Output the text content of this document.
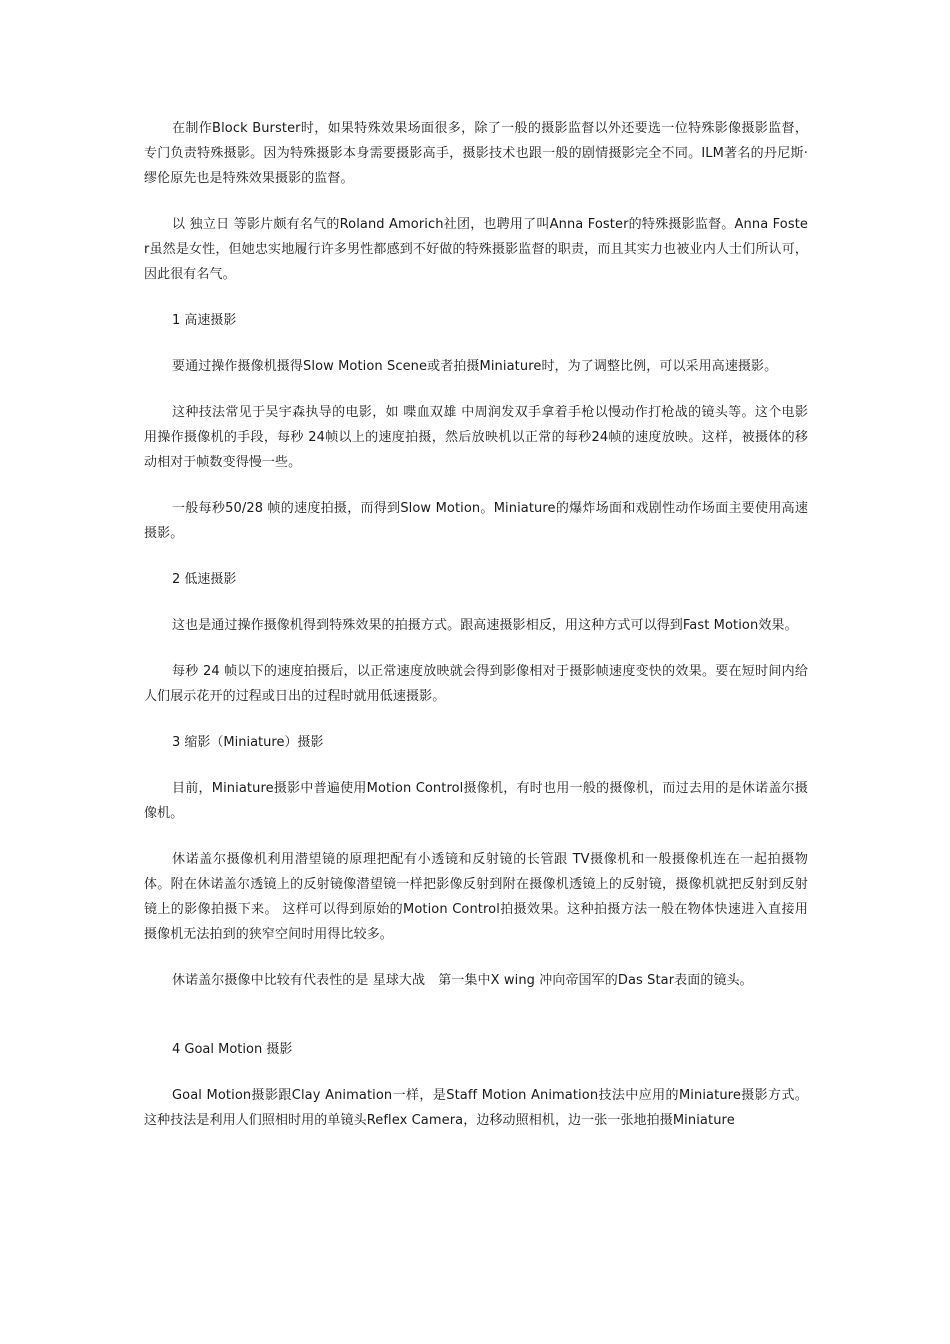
在制作Block Burster时，如果特殊效果场面很多，除了一般的摄影监督以外还要选一位特殊影像摄影监督，专门负责特殊摄影。因为特殊摄影本身需要摄影高手，摄影技术也跟一般的剧情摄影完全不同。ILM著名的丹尼斯·缪伦原先也是特殊效果摄影的监督。

以 独立日 等影片颇有名气的Roland Amorich社团，也聘用了叫Anna Foster的特殊摄影监督。Anna Foster虽然是女性，但她忠实地履行许多男性都感到不好做的特殊摄影监督的职责，而且其实力也被业内人士们所认可，因此很有名气。

1 高速摄影

要通过操作摄像机摄得Slow Motion Scene或者拍摄Miniature时，为了调整比例，可以采用高速摄影。

这种技法常见于吴宇森执导的电影，如 喋血双雄 中周润发双手拿着手枪以慢动作打枪战的镜头等。这个电影用操作摄像机的手段，每秒 24帧以上的速度拍摄，然后放映机以正常的每秒24帧的速度放映。这样，被摄体的移动相对于帧数变得慢一些。

一般每秒50/28 帧的速度拍摄，而得到Slow Motion。Miniature的爆炸场面和戏剧性动作场面主要使用高速摄影。

2 低速摄影

这也是通过操作摄像机得到特殊效果的拍摄方式。跟高速摄影相反，用这种方式可以得到Fast Motion效果。

每秒 24 帧以下的速度拍摄后，以正常速度放映就会得到影像相对于摄影帧速度变快的效果。要在短时间内给人们展示花开的过程或日出的过程时就用低速摄影。

3 缩影（Miniature）摄影

目前，Miniature摄影中普遍使用Motion Control摄像机，有时也用一般的摄像机，而过去用的是休诺盖尔摄像机。

休诺盖尔摄像机利用潜望镜的原理把配有小透镜和反射镜的长管跟 TV摄像机和一般摄像机连在一起拍摄物体。附在休诺盖尔透镜上的反射镜像潜望镜一样把影像反射到附在摄像机透镜上的反射镜，摄像机就把反射到反射镜上的影像拍摄下来。 这样可以得到原始的Motion Control拍摄效果。这种拍摄方法一般在物体快速进入直接用摄像机无法拍到的狭窄空间时用得比较多。

休诺盖尔摄像中比较有代表性的是 星球大战　第一集中X wing 冲向帝国军的Das Star表面的镜头。

4 Goal Motion 摄影

Goal Motion摄影跟Clay Animation一样，是Staff Motion Animation技法中应用的Miniature摄影方式。这种技法是利用人们照相时用的单镜头Reflex Camera，边移动照相机，边一张一张地拍摄Miniature
